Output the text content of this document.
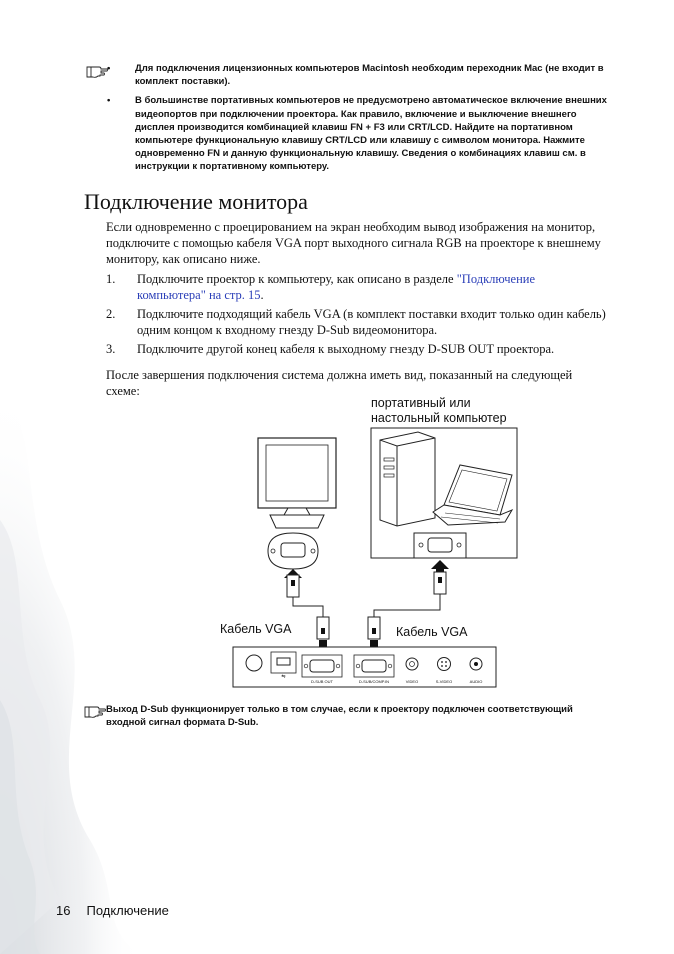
•	Для подключения лицензионных компьютеров Macintosh необходим переходник Mac (не входит в комплект поставки).
•	В большинстве портативных компьютеров не предусмотрено автоматическое включение внешних видеопортов при подключении проектора. Как правило, включение и выключение внешнего дисплея производится комбинацией клавиш FN + F3 или CRT/LCD. Найдите на портативном компьютере функциональную клавишу CRT/LCD или клавишу с символом монитора. Нажмите одновременно FN и данную функциональную клавишу. Сведения о комбинациях клавиш см. в инструкции к портативному компьютеру.
Подключение монитора

Если одновременно с проецированием на экран необходим вывод изображения на монитор, подключите с помощью кабеля VGA порт выходного сигнала RGB на проекторе к внешнему монитору, как описано ниже.

1. Подключите проектор к компьютеру, как описано в разделе "Подключение компьютера" на стр. 15.
2. Подключите подходящий кабель VGA (в комплект поставки входит только один кабель) одним концом к входному гнезду D-Sub видеомонитора.
3. Подключите другой конец кабеля к выходному гнезду D-SUB OUT проектора.

После завершения подключения система должна иметь вид, показанный на следующей схеме:

портативный или
настольный компьютер
Кабель VGA	Кабель VGA
⇋
D-SUB OUT	D-SUB/COMP.IN	VIDEO	S-VIDEO	AUDIO
Выход D-Sub функционирует только в том случае, если к проектору подключен соответствующий входной сигнал формата D-Sub.
16 Подключение
